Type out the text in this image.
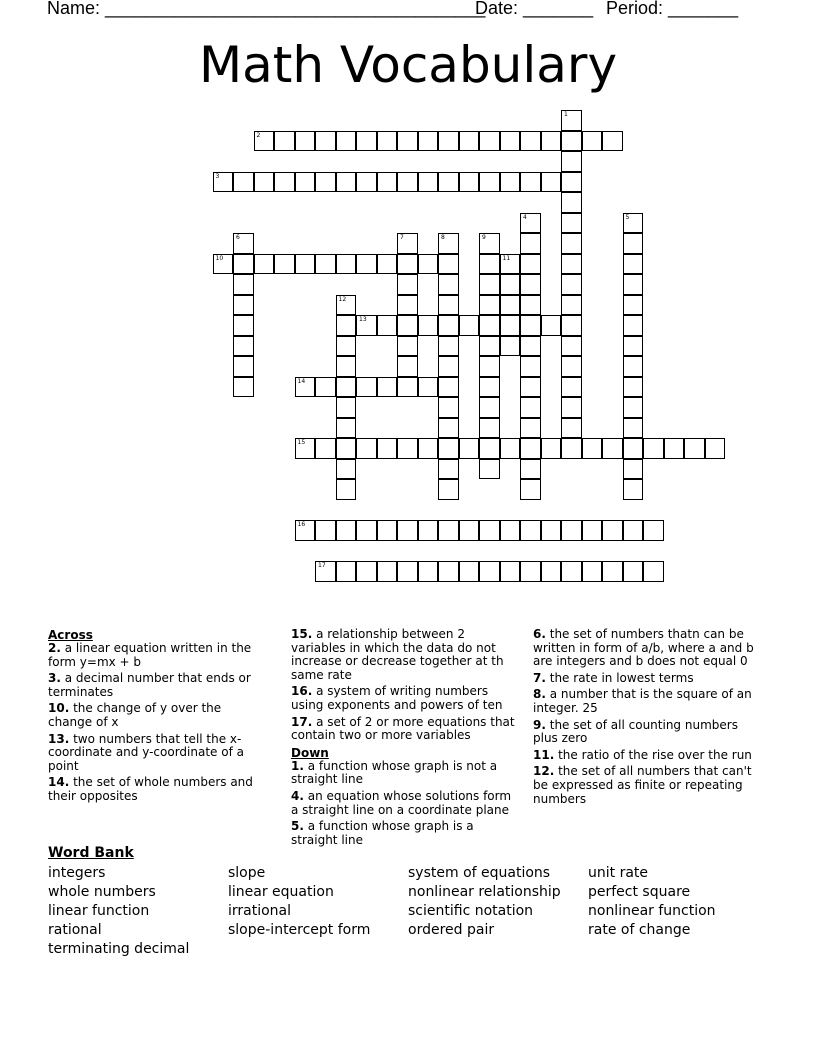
Name: ______________________________________
Date: _______ Period: _______
Math Vocabulary
1
2
3
4	5
6	7	8	9
10	11
12
13
14
15
16
17
Across

2. a linear equation written in the form y=mx + b

3. a decimal number that ends or terminates

10. the change of y over the change of x

13. two numbers that tell the x-coordinate and y-coordinate of a point

14. the set of whole numbers and their opposites

15. a relationship between 2 variables in which the data do not increase or decrease together at th same rate

16. a system of writing numbers using exponents and powers of ten

17. a set of 2 or more equations that contain two or more variables

Down

1. a function whose graph is not a straight line

4. an equation whose solutions form a straight line on a coordinate plane

5. a function whose graph is a straight line

6. the set of numbers thatn can be written in form of a/b, where a and b are integers and b does not equal 0

7. the rate in lowest terms

8. a number that is the square of an integer. 25

9. the set of all counting numbers plus zero

11. the ratio of the rise over the run

12. the set of all numbers that can't be expressed as finite or repeating numbers

Word Bank
integers
whole numbers
linear function
rational
terminating decimal
slope
linear equation
irrational
slope-intercept form
system of equations
nonlinear relationship
scientific notation
ordered pair
unit rate
perfect square
nonlinear function
rate of change
